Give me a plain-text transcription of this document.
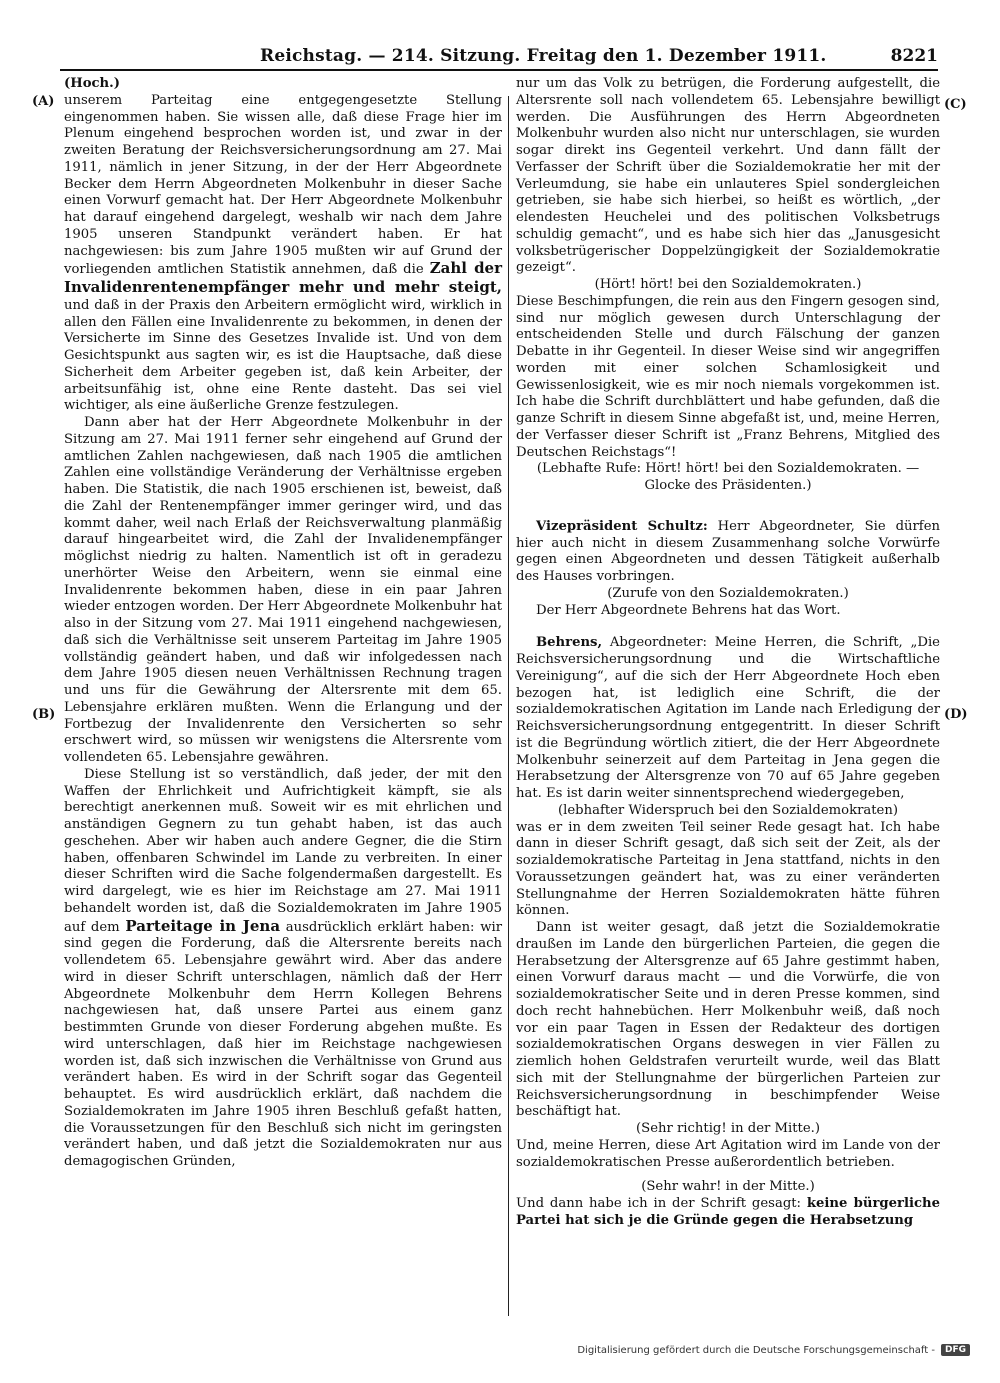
Reichstag. — 214. Sitzung. Freitag den 1. Dezember 1911.	8221
(A)
(B)
(C)
(D)

(Hoch.)

unserem Parteitag eine entgegengesetzte Stellung eingenommen haben. Sie wissen alle, daß diese Frage hier im Plenum eingehend besprochen worden ist, und zwar in der zweiten Beratung der Reichsversicherungsordnung am 27. Mai 1911, nämlich in jener Sitzung, in der der Herr Abgeordnete Becker dem Herrn Abgeordneten Molkenbuhr in dieser Sache einen Vorwurf gemacht hat. Der Herr Abgeordnete Molkenbuhr hat darauf eingehend dargelegt, weshalb wir nach dem Jahre 1905 unseren Standpunkt verändert haben. Er hat nachgewiesen: bis zum Jahre 1905 mußten wir auf Grund der vorliegenden amtlichen Statistik annehmen, daß die Zahl der Invalidenrentenempfänger mehr und mehr steigt, und daß in der Praxis den Arbeitern ermöglicht wird, wirklich in allen den Fällen eine Invalidenrente zu bekommen, in denen der Versicherte im Sinne des Gesetzes Invalide ist. Und von dem Gesichtspunkt aus sagten wir, es ist die Hauptsache, daß diese Sicherheit dem Arbeiter gegeben ist, daß kein Arbeiter, der arbeitsunfähig ist, ohne eine Rente dasteht. Das sei viel wichtiger, als eine äußerliche Grenze festzulegen.

Dann aber hat der Herr Abgeordnete Molkenbuhr in der Sitzung am 27. Mai 1911 ferner sehr eingehend auf Grund der amtlichen Zahlen nachgewiesen, daß nach 1905 die amtlichen Zahlen eine vollständige Veränderung der Verhältnisse ergeben haben. Die Statistik, die nach 1905 erschienen ist, beweist, daß die Zahl der Rentenempfänger immer geringer wird, und das kommt daher, weil nach Erlaß der Reichsverwaltung planmäßig darauf hingearbeitet wird, die Zahl der Invalidenempfänger möglichst niedrig zu halten. Namentlich ist oft in geradezu unerhörter Weise den Arbeitern, wenn sie einmal eine Invalidenrente bekommen haben, diese in ein paar Jahren wieder entzogen worden. Der Herr Abgeordnete Molkenbuhr hat also in der Sitzung vom 27. Mai 1911 eingehend nachgewiesen, daß sich die Verhältnisse seit unserem Parteitag im Jahre 1905 vollständig geändert haben, und daß wir infolgedessen nach dem Jahre 1905 diesen neuen Verhältnissen Rechnung tragen und uns für die Gewährung der Altersrente mit dem 65. Lebensjahre erklären mußten. Wenn die Erlangung und der Fortbezug der Invalidenrente den Versicherten so sehr erschwert wird, so müssen wir wenigstens die Altersrente vom vollendeten 65. Lebensjahre gewähren.

Diese Stellung ist so verständlich, daß jeder, der mit den Waffen der Ehrlichkeit und Aufrichtigkeit kämpft, sie als berechtigt anerkennen muß. Soweit wir es mit ehrlichen und anständigen Gegnern zu tun gehabt haben, ist das auch geschehen. Aber wir haben auch andere Gegner, die die Stirn haben, offenbaren Schwindel im Lande zu verbreiten. In einer dieser Schriften wird die Sache folgendermaßen dargestellt. Es wird dargelegt, wie es hier im Reichstage am 27. Mai 1911 behandelt worden ist, daß die Sozialdemokraten im Jahre 1905 auf dem Parteitage in Jena ausdrücklich erklärt haben: wir sind gegen die Forderung, daß die Altersrente bereits nach vollendetem 65. Lebensjahre gewährt wird. Aber das andere wird in dieser Schrift unterschlagen, nämlich daß der Herr Abgeordnete Molkenbuhr dem Herrn Kollegen Behrens nachgewiesen hat, daß unsere Partei aus einem ganz bestimmten Grunde von dieser Forderung abgehen mußte. Es wird unterschlagen, daß hier im Reichstage nachgewiesen worden ist, daß sich inzwischen die Verhältnisse von Grund aus verändert haben. Es wird in der Schrift sogar das Gegenteil behauptet. Es wird ausdrücklich erklärt, daß nachdem die Sozialdemokraten im Jahre 1905 ihren Beschluß gefaßt hatten, die Voraussetzungen für den Beschluß sich nicht im geringsten verändert haben, und daß jetzt die Sozialdemokraten nur aus demagogischen Gründen,

nur um das Volk zu betrügen, die Forderung aufgestellt, die Altersrente soll nach vollendetem 65. Lebensjahre bewilligt werden. Die Ausführungen des Herrn Abgeordneten Molkenbuhr wurden also nicht nur unterschlagen, sie wurden sogar direkt ins Gegenteil verkehrt. Und dann fällt der Verfasser der Schrift über die Sozialdemokratie her mit der Verleumdung, sie habe ein unlauteres Spiel sondergleichen getrieben, sie habe sich hierbei, so heißt es wörtlich, „der elendesten Heuchelei und des politischen Volksbetrugs schuldig gemacht“, und es habe sich hier das „Janusgesicht volksbetrügerischer Doppelzüngigkeit der Sozialdemokratie gezeigt“.

(Hört! hört! bei den Sozialdemokraten.)

Diese Beschimpfungen, die rein aus den Fingern gesogen sind, sind nur möglich gewesen durch Unterschlagung der entscheidenden Stelle und durch Fälschung der ganzen Debatte in ihr Gegenteil. In dieser Weise sind wir angegriffen worden mit einer solchen Schamlosigkeit und Gewissenlosigkeit, wie es mir noch niemals vorgekommen ist. Ich habe die Schrift durchblättert und habe gefunden, daß die ganze Schrift in diesem Sinne abgefaßt ist, und, meine Herren, der Verfasser dieser Schrift ist „Franz Behrens, Mitglied des Deutschen Reichstags“!

(Lebhafte Rufe: Hört! hört! bei den Sozialdemokraten. — Glocke des Präsidenten.)

Vizepräsident Schultz: Herr Abgeordneter, Sie dürfen hier auch nicht in diesem Zusammenhang solche Vorwürfe gegen einen Abgeordneten und dessen Tätigkeit außerhalb des Hauses vorbringen.

(Zurufe von den Sozialdemokraten.)

Der Herr Abgeordnete Behrens hat das Wort.

Behrens, Abgeordneter: Meine Herren, die Schrift, „Die Reichsversicherungsordnung und die Wirtschaftliche Vereinigung“, auf die sich der Herr Abgeordnete Hoch eben bezogen hat, ist lediglich eine Schrift, die der sozialdemokratischen Agitation im Lande nach Erledigung der Reichsversicherungsordnung entgegentritt. In dieser Schrift ist die Begründung wörtlich zitiert, die der Herr Abgeordnete Molkenbuhr seinerzeit auf dem Parteitag in Jena gegen die Herabsetzung der Altersgrenze von 70 auf 65 Jahre gegeben hat. Es ist darin weiter sinnentsprechend wiedergegeben,

(lebhafter Widerspruch bei den Sozialdemokraten)

was er in dem zweiten Teil seiner Rede gesagt hat. Ich habe dann in dieser Schrift gesagt, daß sich seit der Zeit, als der sozialdemokratische Parteitag in Jena stattfand, nichts in den Voraussetzungen geändert hat, was zu einer veränderten Stellungnahme der Herren Sozialdemokraten hätte führen können.

Dann ist weiter gesagt, daß jetzt die Sozialdemokratie draußen im Lande den bürgerlichen Parteien, die gegen die Herabsetzung der Altersgrenze auf 65 Jahre gestimmt haben, einen Vorwurf daraus macht — und die Vorwürfe, die von sozialdemokratischer Seite und in deren Presse kommen, sind doch recht hahnebüchen. Herr Molkenbuhr weiß, daß noch vor ein paar Tagen in Essen der Redakteur des dortigen sozialdemokratischen Organs deswegen in vier Fällen zu ziemlich hohen Geldstrafen verurteilt wurde, weil das Blatt sich mit der Stellungnahme der bürgerlichen Parteien zur Reichsversicherungsordnung in beschimpfender Weise beschäftigt hat.

(Sehr richtig! in der Mitte.)

Und, meine Herren, diese Art Agitation wird im Lande von der sozialdemokratischen Presse außerordentlich betrieben.

(Sehr wahr! in der Mitte.)

Und dann habe ich in der Schrift gesagt: keine bürgerliche Partei hat sich je die Gründe gegen die Herabsetzung

Digitalisierung gefördert durch die Deutsche Forschungsgemeinschaft -	DFG
